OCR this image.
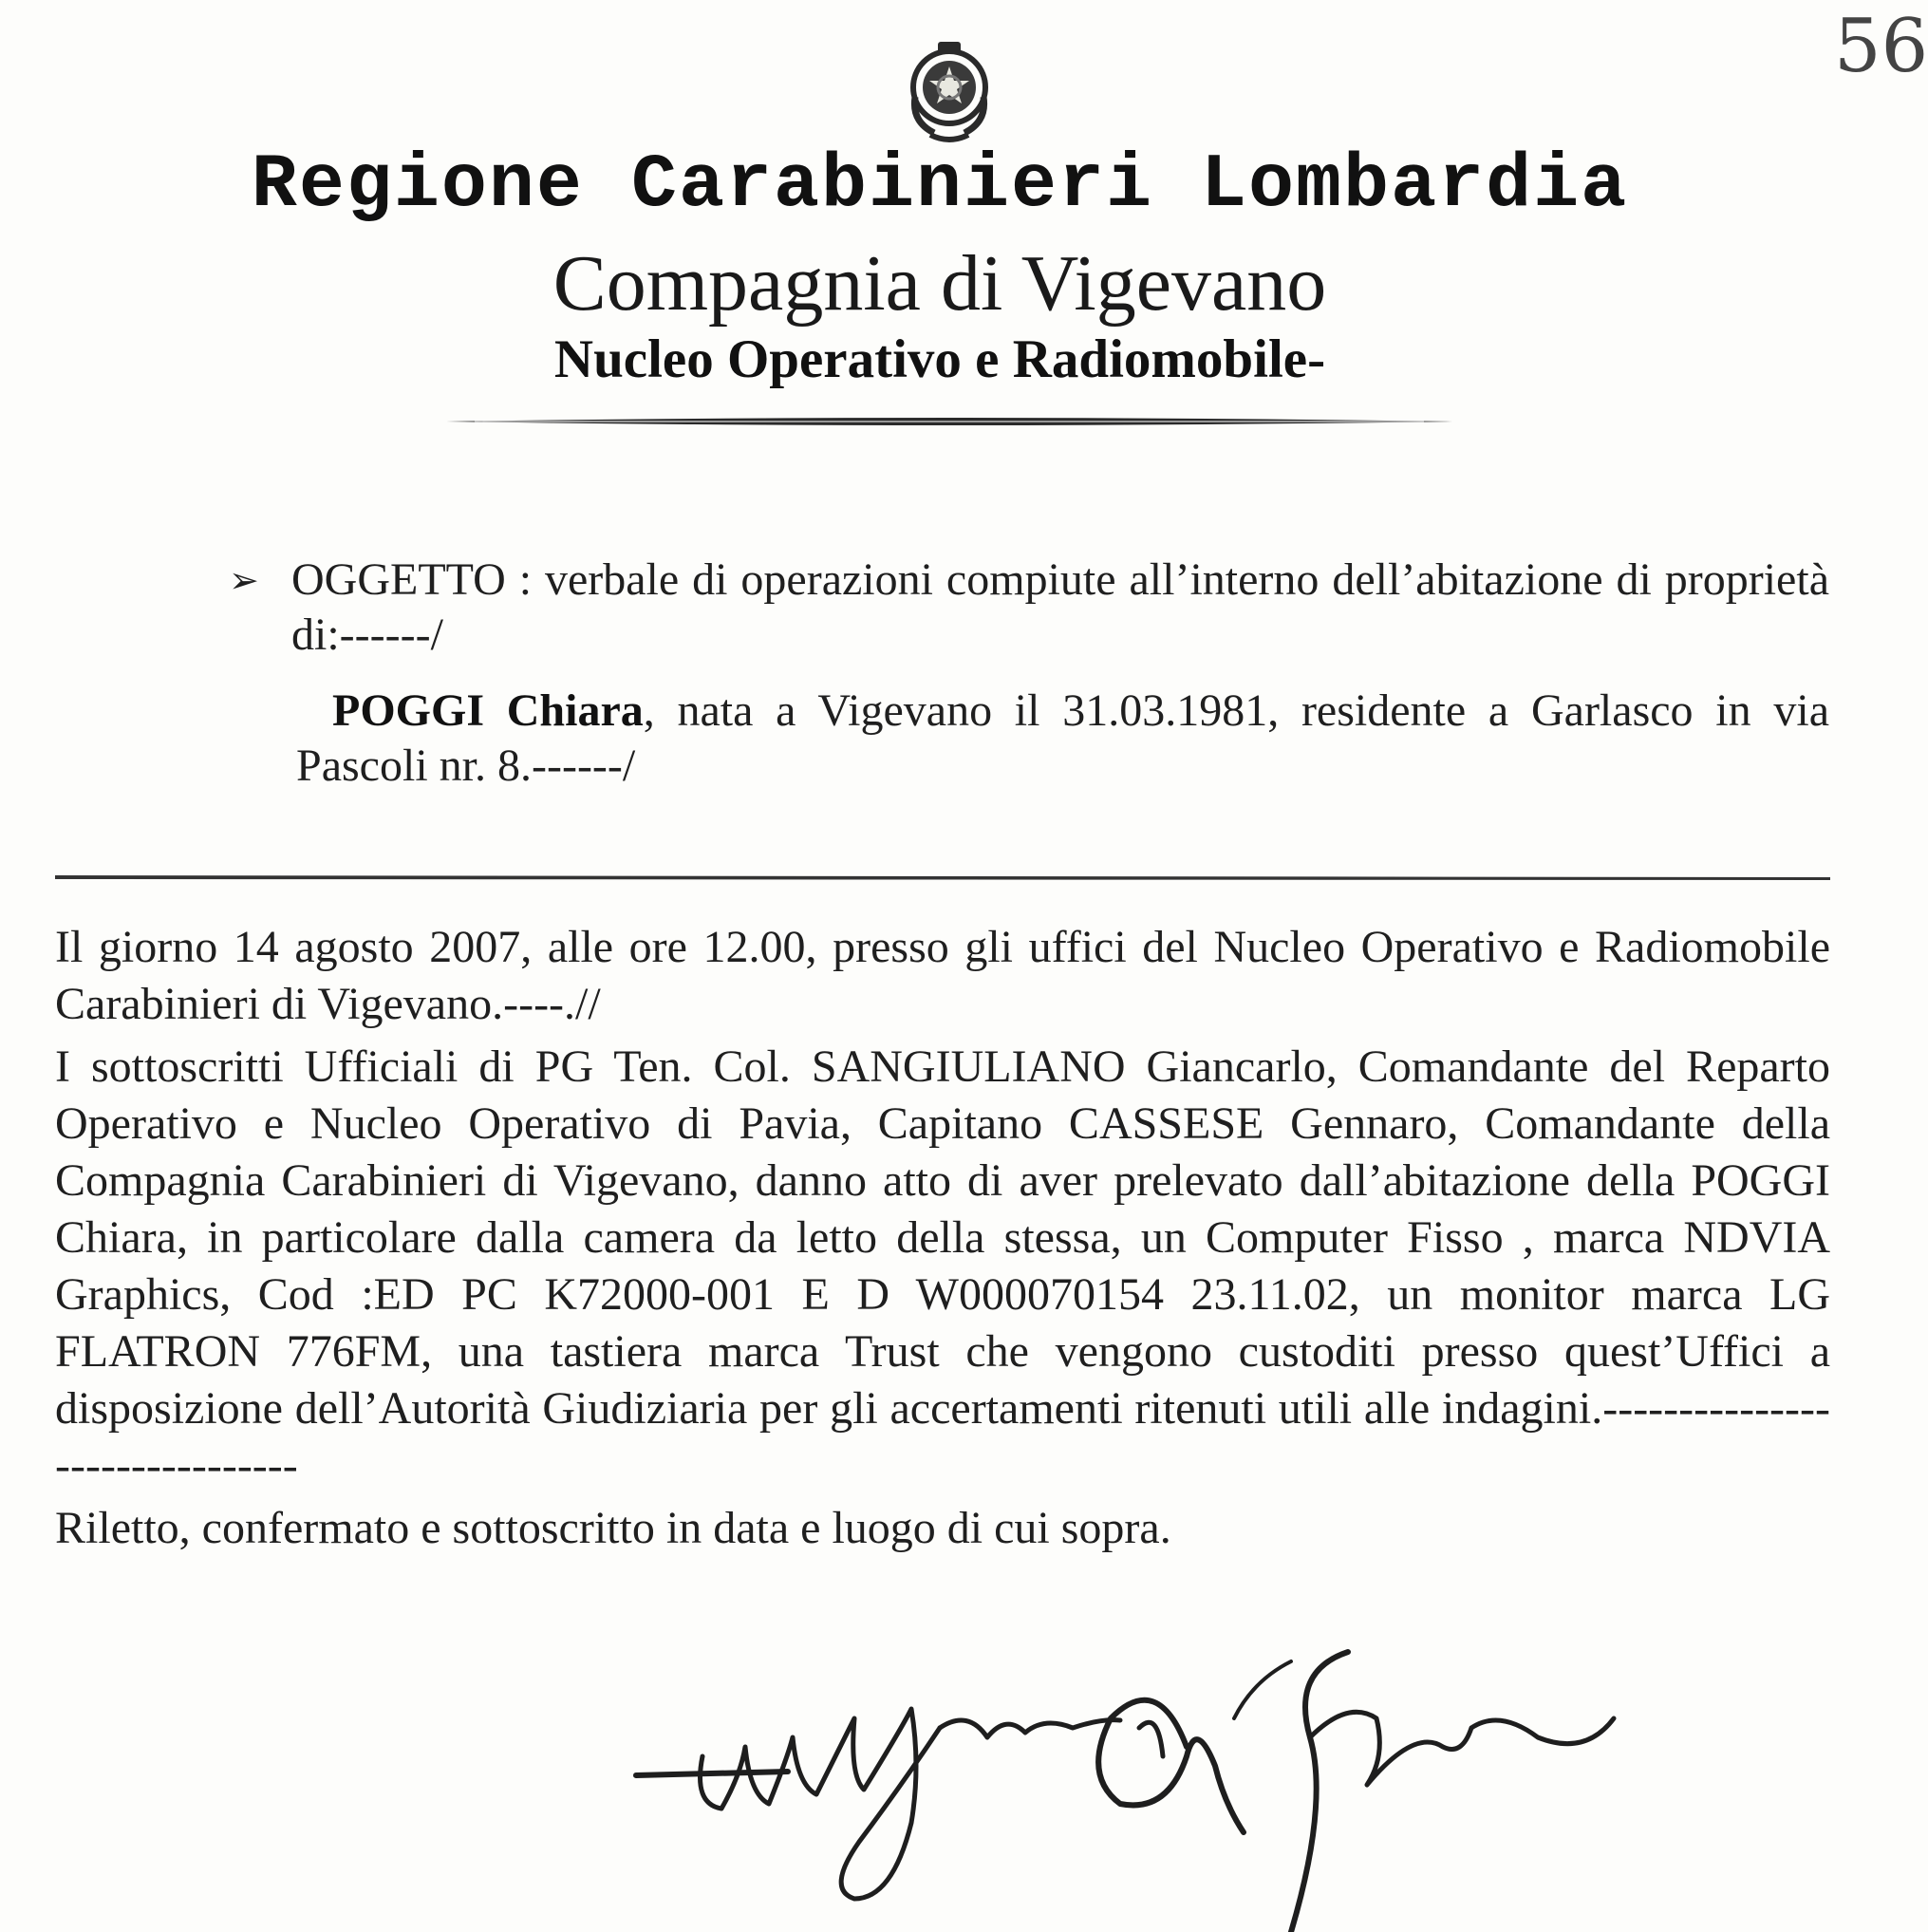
56
Regione Carabinieri Lombardia
Compagnia di Vigevano
Nucleo Operativo e Radiomobile-
➢ OGGETTO : verbale di operazioni compiute all’interno dell’abitazione di proprietà di:------/
POGGI Chiara, nata a Vigevano il 31.03.1981, residente a Garlasco in via Pascoli nr. 8.------/

Il giorno 14 agosto 2007, alle ore 12.00, presso gli uffici del Nucleo Operativo e Radiomobile Carabinieri di Vigevano.----.//

I sottoscritti Ufficiali di PG Ten. Col. SANGIULIANO Giancarlo, Comandante del Reparto Operativo e Nucleo Operativo di Pavia, Capitano CASSESE Gennaro, Comandante della Compagnia Carabinieri di Vigevano, danno atto di aver prelevato dall’abitazione della POGGI Chiara, in particolare dalla camera da letto della stessa, un Computer Fisso , marca NDVIA Graphics, Cod :ED PC K72000-001 E D W000070154 23.11.02, un monitor marca LG FLATRON 776FM, una tastiera marca Trust che vengono custoditi presso quest’Uffici a disposizione dell’Autorità Giudiziaria per gli accertamenti ritenuti utili alle indagini.-------------------------------

Riletto, confermato e sottoscritto in data e luogo di cui sopra.
